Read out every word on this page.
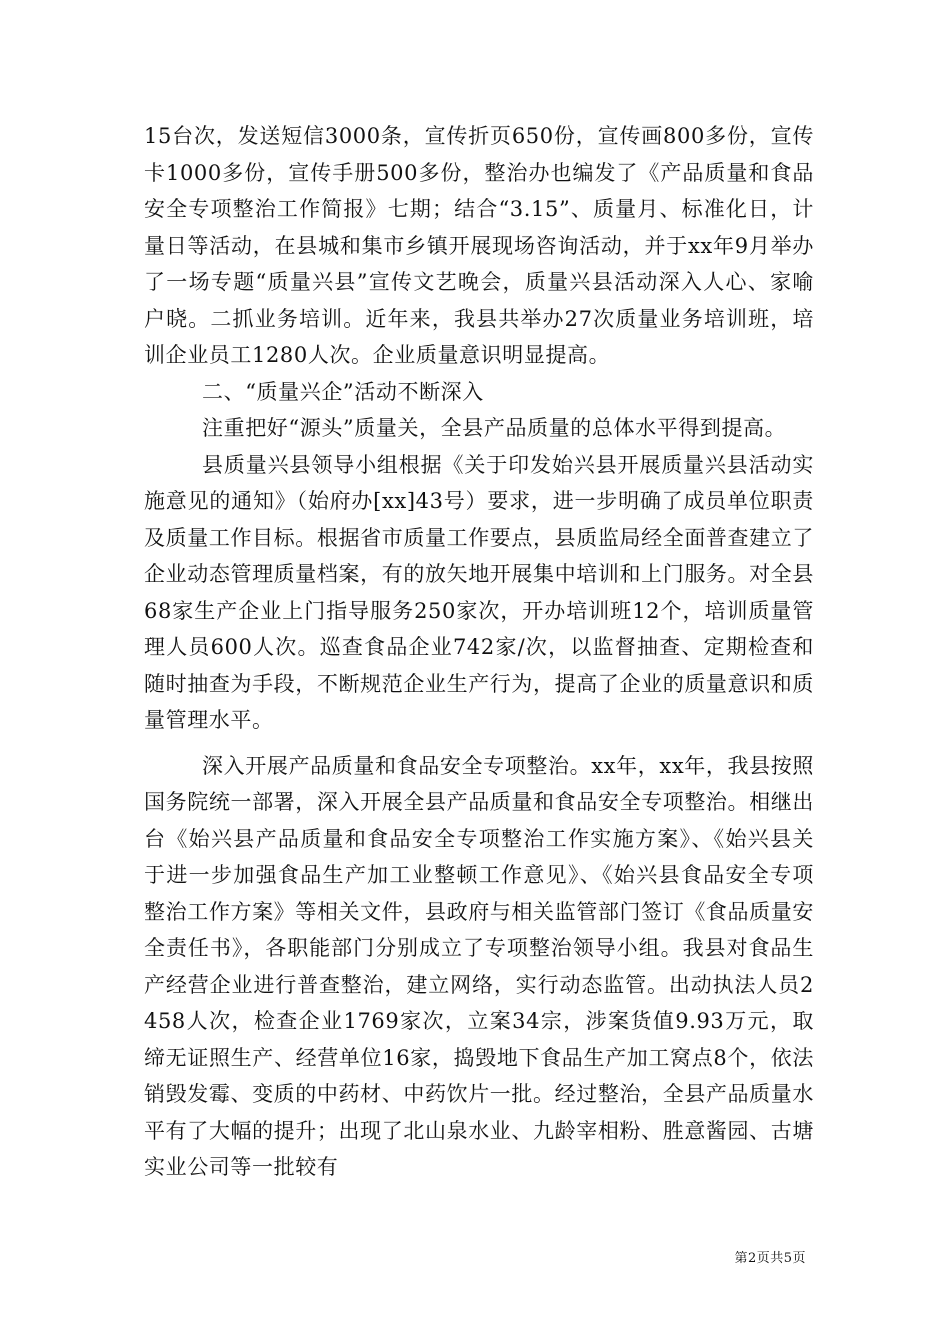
15台次，发送短信3000条，宣传折页650份，宣传画800多份，宣传卡1000多份，宣传手册500多份，整治办也编发了《产品质量和食品安全专项整治工作简报》七期；结合“3.15”、质量月、标准化日，计量日等活动，在县城和集市乡镇开展现场咨询活动，并于xx年9月举办了一场专题“质量兴县”宣传文艺晚会，质量兴县活动深入人心、家喻户晓。二抓业务培训。近年来，我县共举办27次质量业务培训班，培训企业员工1280人次。企业质量意识明显提高。

二、“质量兴企”活动不断深入

注重把好“源头”质量关，全县产品质量的总体水平得到提高。

县质量兴县领导小组根据《关于印发始兴县开展质量兴县活动实施意见的通知》（始府办[xx]43号）要求，进一步明确了成员单位职责及质量工作目标。根据省市质量工作要点，县质监局经全面普查建立了企业动态管理质量档案，有的放矢地开展集中培训和上门服务。对全县68家生产企业上门指导服务250家次，开办培训班12个，培训质量管理人员600人次。巡查食品企业742家/次，以监督抽查、定期检查和随时抽查为手段，不断规范企业生产行为，提高了企业的质量意识和质量管理水平。

深入开展产品质量和食品安全专项整治。xx年，xx年，我县按照国务院统一部署，深入开展全县产品质量和食品安全专项整治。相继出台《始兴县产品质量和食品安全专项整治工作实施方案》、《始兴县关于进一步加强食品生产加工业整顿工作意见》、《始兴县食品安全专项整治工作方案》等相关文件，县政府与相关监管部门签订《食品质量安全责任书》，各职能部门分别成立了专项整治领导小组。我县对食品生产经营企业进行普查整治，建立网络，实行动态监管。出动执法人员2458人次，检查企业1769家次，立案34宗，涉案货值9.93万元，取缔无证照生产、经营单位16家，捣毁地下食品生产加工窝点8个，依法销毁发霉、变质的中药材、中药饮片一批。经过整治，全县产品质量水平有了大幅的提升；出现了北山泉水业、九龄宰相粉、胜意酱园、古塘实业公司等一批较有

第2页共5页
